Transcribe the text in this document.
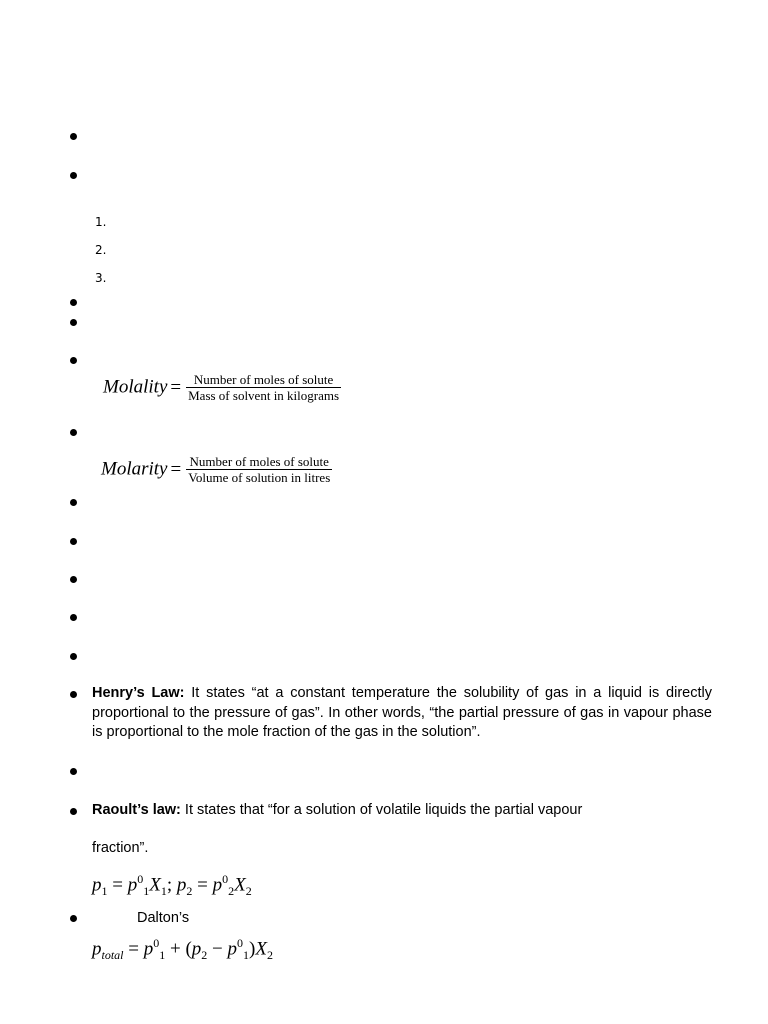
1.
2.
3.
Molality = $\frac{\text{Number of moles of solute}}{\text{Mass of solvent in kilograms}}$
Molarity = $\frac{\text{Number of moles of solute}}{\text{Volume of solution in litres}}$
Henry’s Law: It states “at a constant temperature the solubility of gas in a liquid is directly proportional to the pressure of gas”. In other words, “the partial pressure of gas in vapour phase is proportional to the mole fraction of the gas in the solution”.
Raoult’s law: It states that “for a solution of volatile liquids the partial vapour
fraction”.
$p_1 = p^0_1X_1$; $p_2 = p^0_2X_2$
Dalton’s
$p_{total} = p^0_1 + (p_2 - p^0_1)X_2$
